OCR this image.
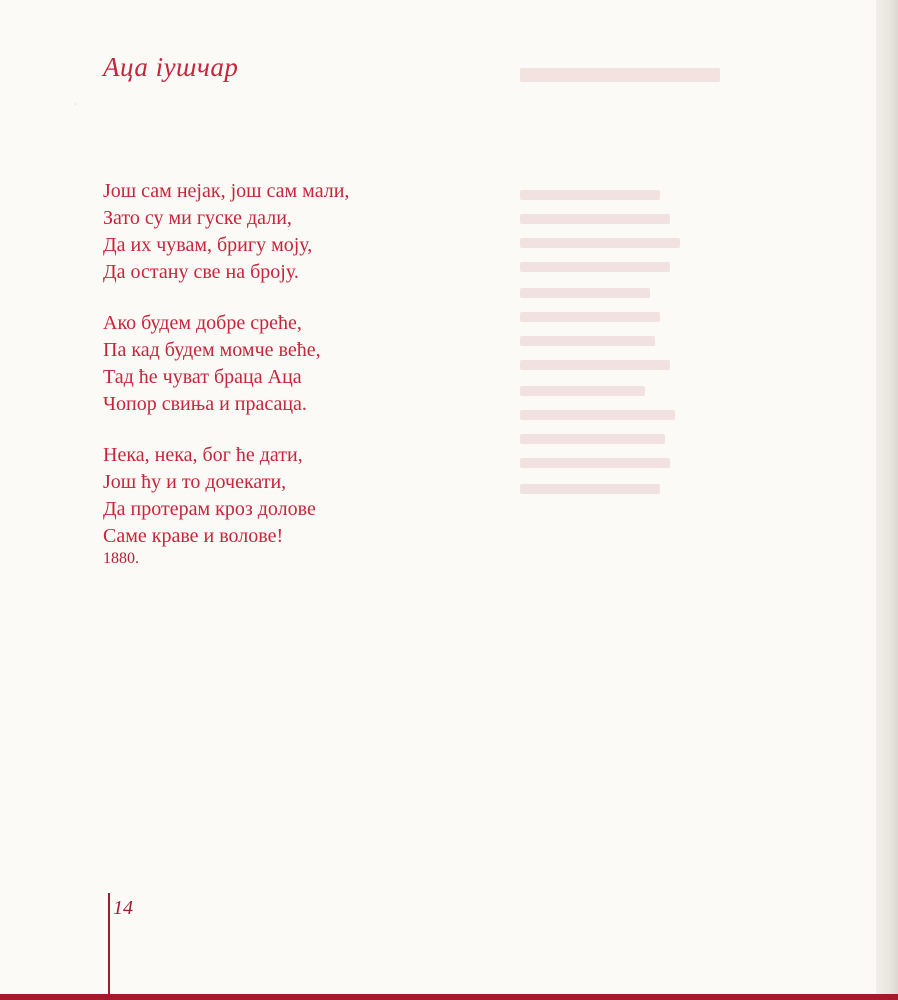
·
Аца іушчар
Још сам нејак, још сам мали,
Зато су ми гуске дали,
Да их чувам, бригу моју,
Да остану све на броју.
Ако будем добре среће,
Па кад будем момче веће,
Тад ће чуват браца Аца
Чопор свиња и прасаца.
Нека, нека, бог ће дати,
Још ћу и то дочекати,
Да протерам кроз долове
Саме краве и волове!
1880.
14
